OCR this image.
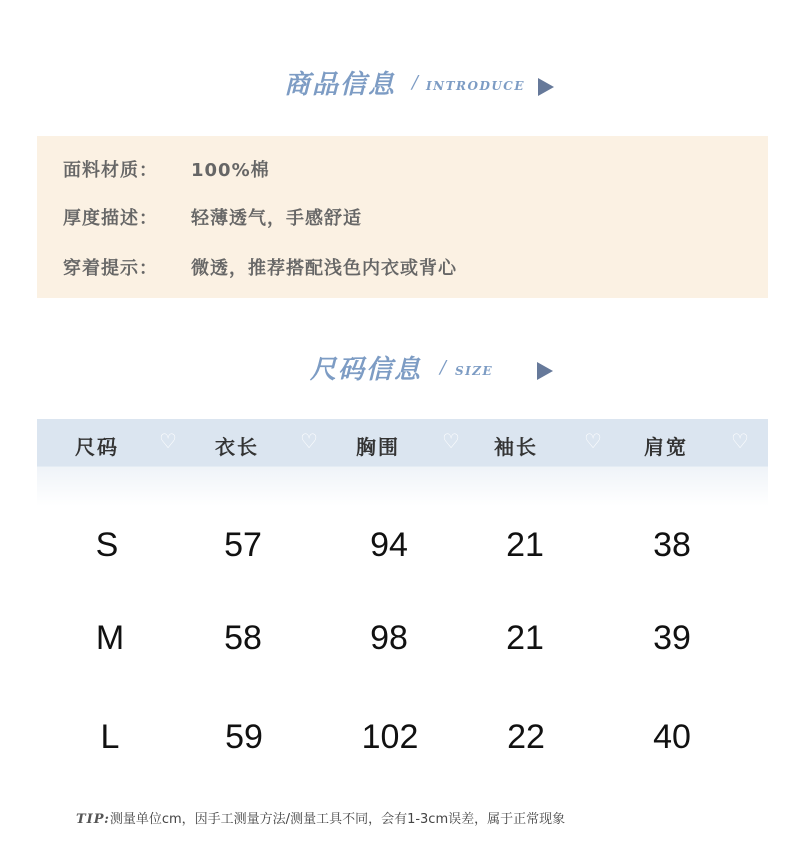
商品信息 / INTRODUCE
面料材质： 100%棉
厚度描述： 轻薄透气，手感舒适
穿着提示： 微透，推荐搭配浅色内衣或背心
尺码信息 / SIZE
尺码 ♡ 衣长 ♡ 胸围 ♡ 袖长 ♡ 肩宽 ♡
S	57	94	21	38
M	58	98	21	39
L	59	102	22	40
TIP:测量单位cm，因手工测量方法/测量工具不同，会有1-3cm误差，属于正常现象
